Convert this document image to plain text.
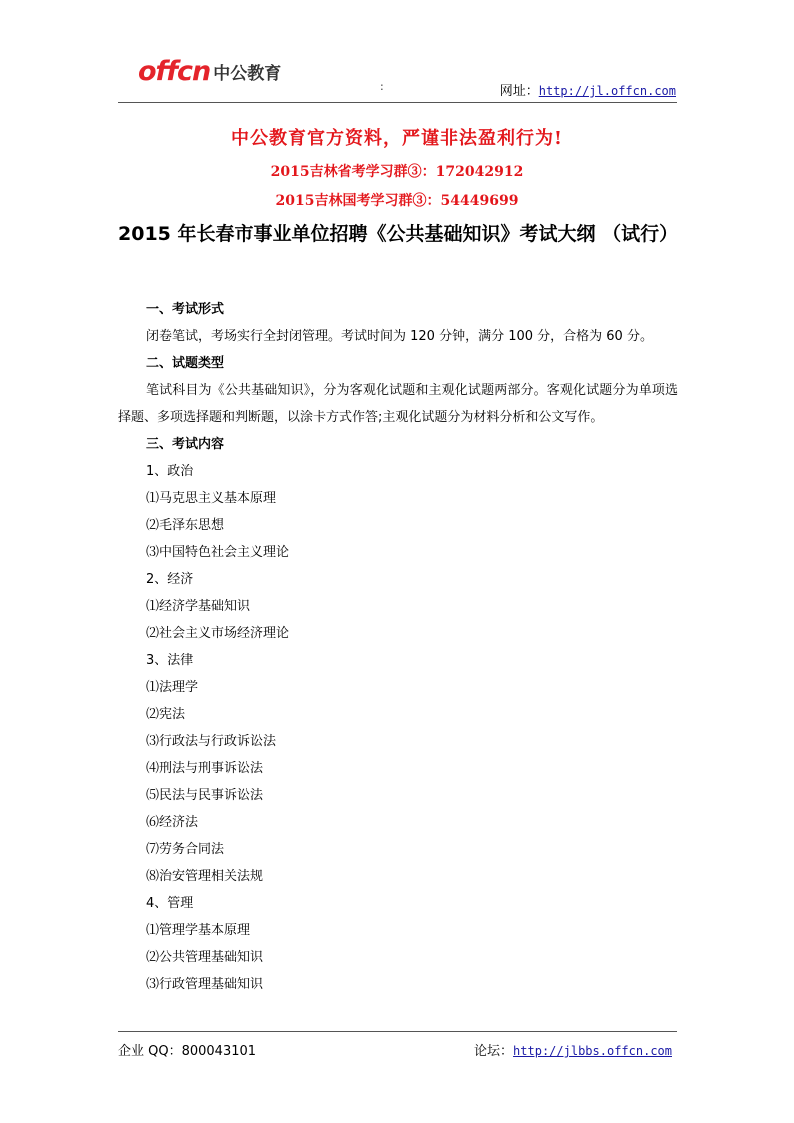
offcn 中公教育
:	网址：http://jl.offcn.com
中公教育官方资料，严谨非法盈利行为!
2015吉林省考学习群③：172042912
2015吉林国考学习群③：54449699
2015 年长春市事业单位招聘《公共基础知识》考试大纲 （试行）
一、考试形式
闭卷笔试，考场实行全封闭管理。考试时间为 120 分钟，满分 100 分，合格为 60 分。
二、试题类型
笔试科目为《公共基础知识》，分为客观化试题和主观化试题两部分。客观化试题分为单项选择题、多项选择题和判断题，以涂卡方式作答;主观化试题分为材料分析和公文写作。
三、考试内容
1、政治
⑴马克思主义基本原理
⑵毛泽东思想
⑶中国特色社会主义理论
2、经济
⑴经济学基础知识
⑵社会主义市场经济理论
3、法律
⑴法理学
⑵宪法
⑶行政法与行政诉讼法
⑷刑法与刑事诉讼法
⑸民法与民事诉讼法
⑹经济法
⑺劳务合同法
⑻治安管理相关法规
4、管理
⑴管理学基本原理
⑵公共管理基础知识
⑶行政管理基础知识
企业 QQ：800043101	论坛：http://jlbbs.offcn.com
